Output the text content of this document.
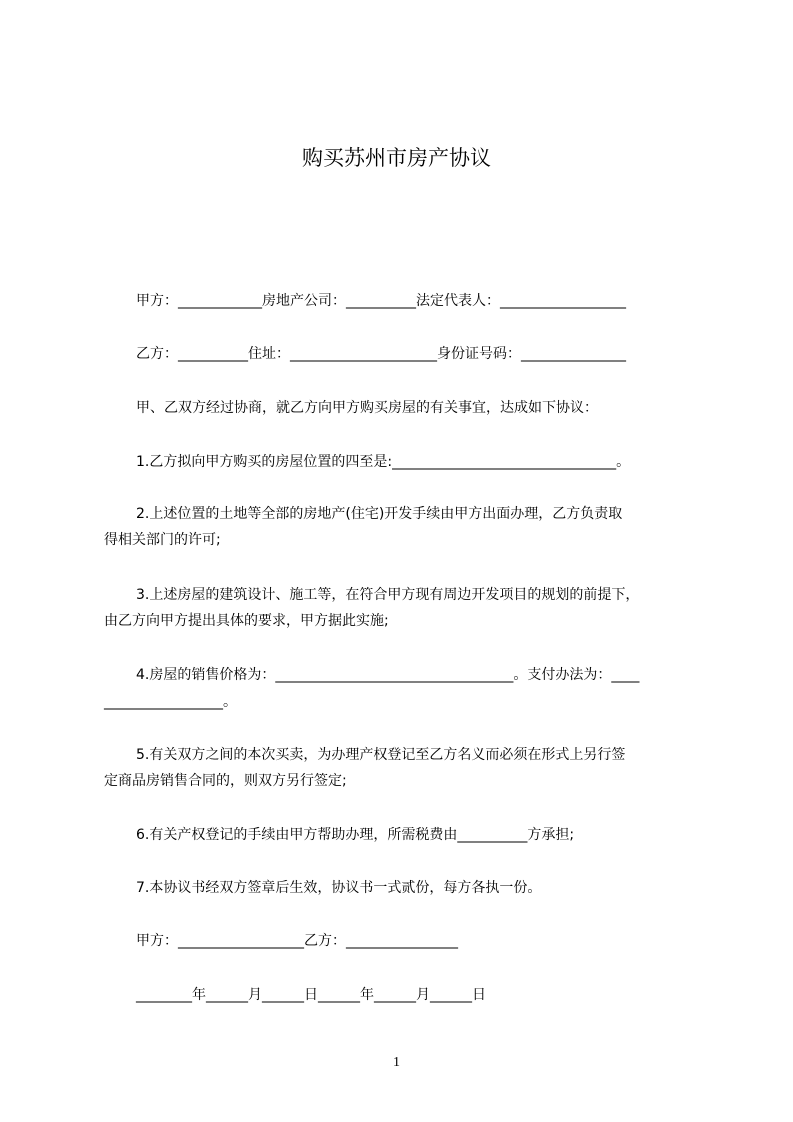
购买苏州市房产协议
甲方：____________房地产公司：__________法定代表人：__________________
乙方：__________住址：_____________________身份证号码：_______________
甲、乙双方经过协商，就乙方向甲方购买房屋的有关事宜，达成如下协议：
1.乙方拟向甲方购买的房屋位置的四至是:________________________________。
2.上述位置的土地等全部的房地产(住宅)开发手续由甲方出面办理，乙方负责取
得相关部门的许可;
3.上述房屋的建筑设计、施工等，在符合甲方现有周边开发项目的规划的前提下，
由乙方向甲方提出具体的要求，甲方据此实施;
4.房屋的销售价格为：__________________________________。支付办法为：____
_________________。
5.有关双方之间的本次买卖，为办理产权登记至乙方名义而必须在形式上另行签
定商品房销售合同的，则双方另行签定;
6.有关产权登记的手续由甲方帮助办理，所需税费由__________方承担;
7.本协议书经双方签章后生效，协议书一式贰份，每方各执一份。
甲方：__________________乙方：________________
________年______月______日______年______月______日
1
